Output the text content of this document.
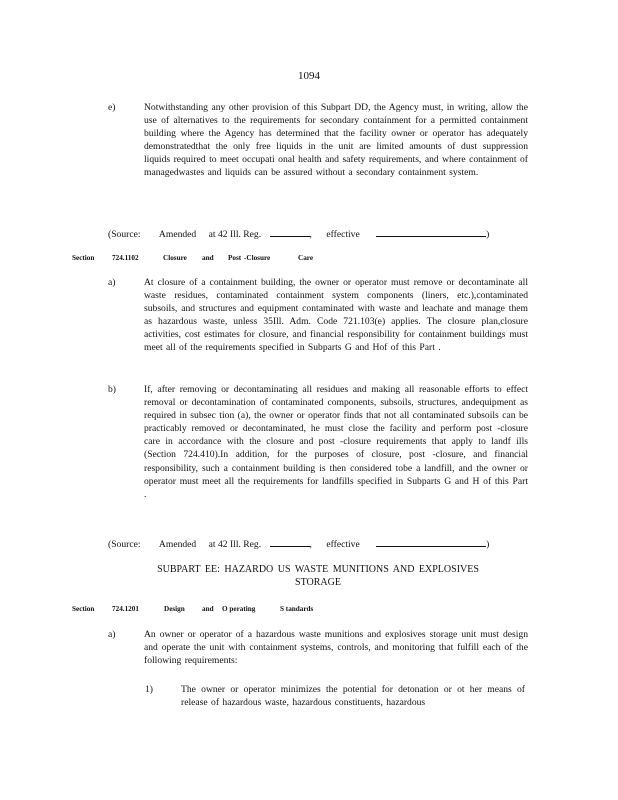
1094
e)	Notwithstanding any other provision of this Subpart DD, the Agency must, in writing, allow the use of alternatives to the requirements for secondary containment for a permitted containment building where the Agency has determined that the facility owner or operator has adequately demonstratedthat the only free liquids in the unit are limited amounts of dust suppression liquids required to meet occupati onal health and safety requirements, and where containment of managedwastes and liquids can be assured without a secondary containment system.
(Source: Amended at 42 Ill. Reg.	, effective	)
Section 724.1102	Closure and Post -Closure	Care
a)	At closure of a containment building, the owner or operator must remove or decontaminate all waste residues, contaminated containment system components (liners, etc.),contaminated subsoils, and structures and equipment contaminated with waste and leachate and manage them as hazardous waste, unless 35Ill. Adm. Code 721.103(e) applies. The closure plan,closure activities, cost estimates for closure, and financial responsibility for containment buildings must meet all of the requirements specified in Subparts G and Hof of this Part .
b)	If, after removing or decontaminating all residues and making all reasonable efforts to effect removal or decontamination of contaminated components, subsoils, structures, andequipment as required in subsec tion (a), the owner or operator finds that not all contaminated subsoils can be practicably removed or decontaminated, he must close the facility and perform post -closure care in accordance with the closure and post -closure requirements that apply to landf ills (Section 724.410).In addition, for the purposes of closure, post -closure, and financial responsibility, such a containment building is then considered tobe a landfill, and the owner or operator must meet all the requirements for landfills specified in Subparts G and H of this Part .
(Source: Amended at 42 Ill. Reg.	, effective	)
SUBPART EE: HAZARDO US WASTE MUNITIONS AND EXPLOSIVES
STORAGE
Section 724.1201	Design and O perating	S tandards
a)	An owner or operator of a hazardous waste munitions and explosives storage unit must design and operate the unit with containment systems, controls, and monitoring that fulfill each of the following requirements:
1)	The owner or operator minimizes the potential for detonation or ot her means of release of hazardous waste, hazardous constituents, hazardous
